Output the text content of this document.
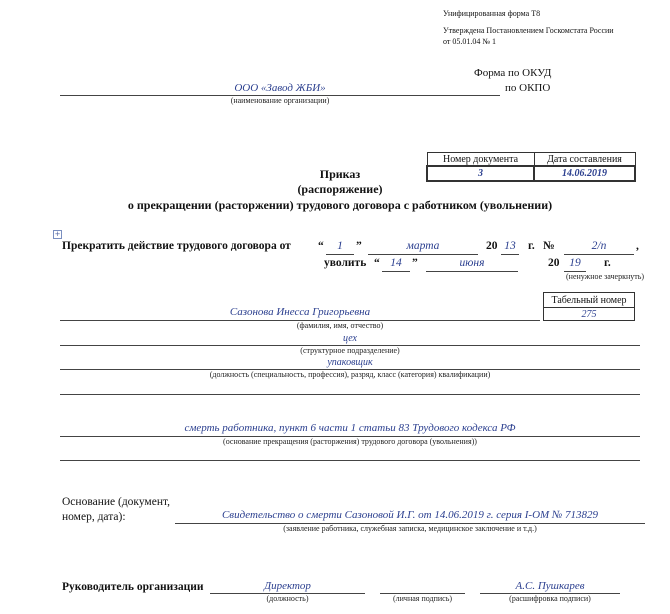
Унифицированная форма Т8
Утверждена Постановлением Госкомстата России
от 05.01.04 № 1
Форма по ОКУД
по ОКПО
ООО «Завод ЖБИ»
(наименование организации)
Номер документа	Дата составления
3	14.06.2019
Приказ
(распоряжение)
о прекращении (расторжении) трудового договора с работником (увольнении)
+
Прекратить действие трудового договора от “	1	”	марта	20 13 г. №	2/п	,
уволить “ 14 ”	июня	20 19	г.
(ненужное зачеркнуть)
Табельный номер
275
Сазонова Инесса Григорьевна
(фамилия, имя, отчество)
цех
(структурное подразделение)
упаковщик
(должность (специальность, профессия), разряд, класс (категория) квалификации)
смерть работника, пункт 6 части 1 статьи 83 Трудового кодекса РФ
(основание прекращения (расторжения) трудового договора (увольнения))
Основание (документ,
номер, дата):	Свидетельство о смерти Сазоновой И.Г. от 14.06.2019 г. серия I-ОМ № 713829
(заявление работника, служебная записка, медицинское заключение и т.д.)
Руководитель организации	Директор
(должность)	(личная подпись)
А.С. Пушкарев
(расшифровка подписи)
